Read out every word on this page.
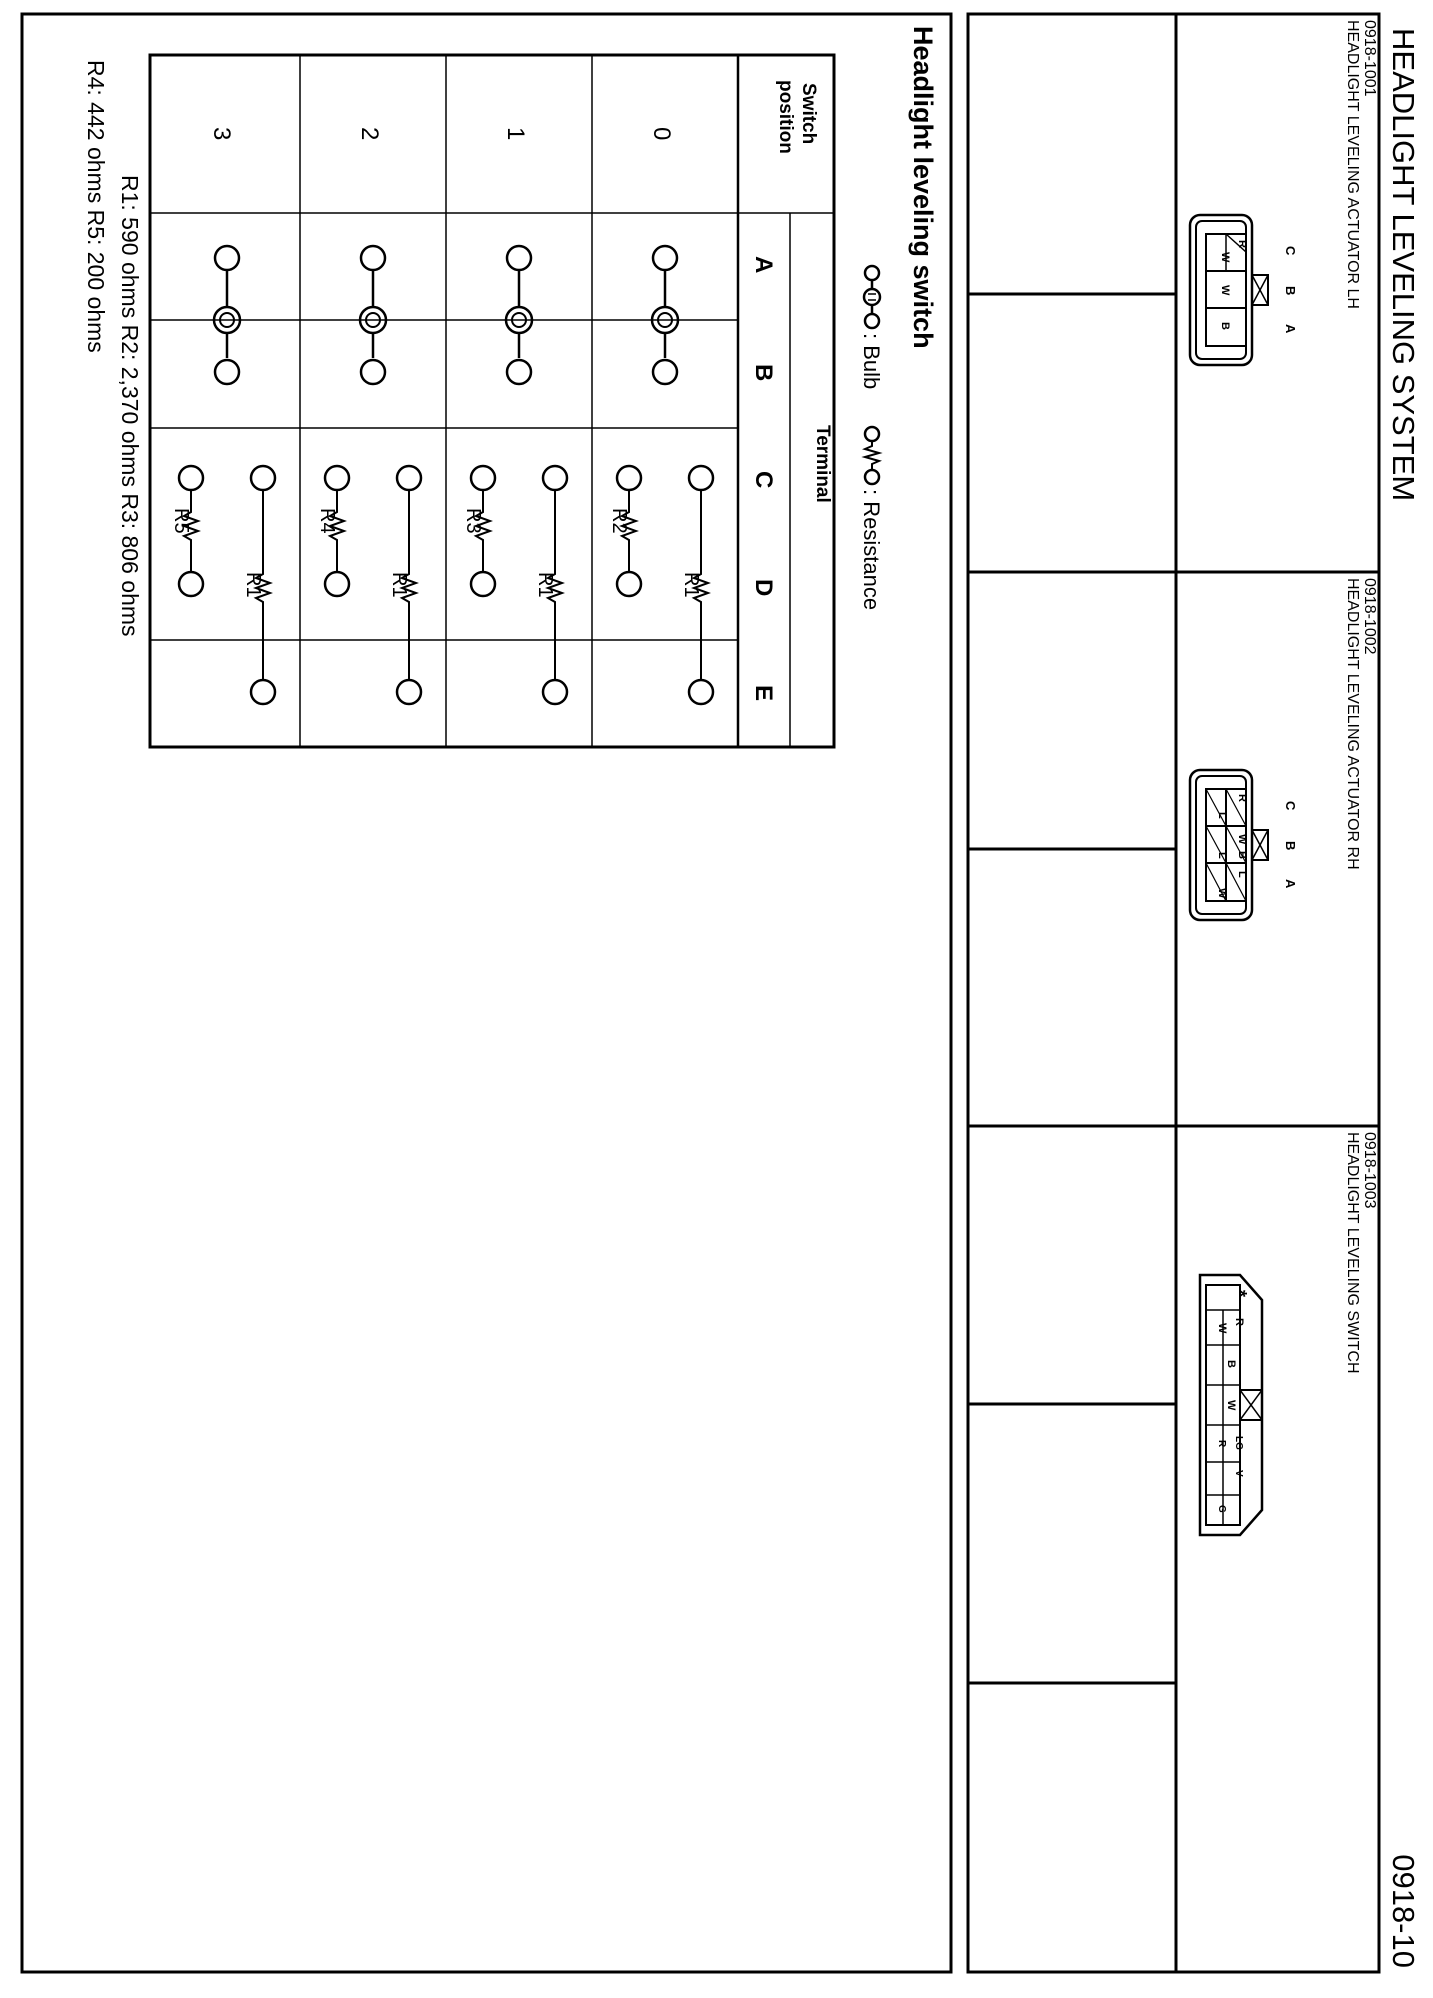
HEADLIGHT LEVELING SYSTEM
0918-10
0918-1001
HEADLIGHT LEVELING ACTUATOR LH
C
B
A
R
W
W
B
0918-1002
HEADLIGHT LEVELING ACTUATOR RH
C
B
A
R
W
L
B
L
L
W
0918-1003
HEADLIGHT LEVELING SWITCH
*
R
W
B
W
LG
V
R
G
Headlight leveling switch
: Bulb
: Resistance
Switch
position
Terminal
A
B
C
D
E
0
1
2
3
R1
R2
R1
R3
R1
R4
R1
R5
R1: 590 ohms R2: 2,370 ohms R3: 806 ohms
R4: 442 ohms R5: 200 ohms
